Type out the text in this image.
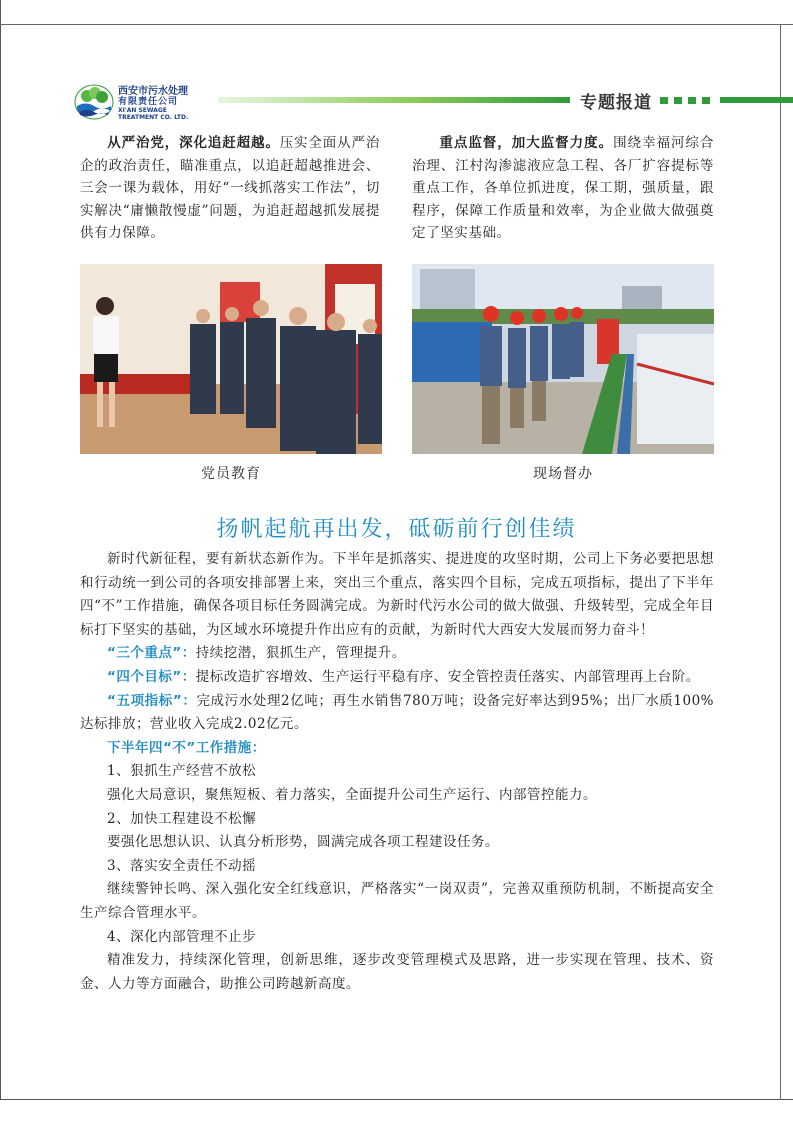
西安市污水处理
有限责任公司
XI'AN SEWAGE
TREATMENT CO. LTD.
专题报道
从严治党，深化追赶超越。压实全面从严治企的政治责任，瞄准重点，以追赶超越推进会、三会一课为载体，用好“一线抓落实工作法”，切实解决“庸懒散慢虚”问题，为追赶超越抓发展提供有力保障。
重点监督，加大监督力度。围绕幸福河综合治理、江村沟渗滤液应急工程、各厂扩容提标等重点工作，各单位抓进度，保工期，强质量，跟程序，保障工作质量和效率，为企业做大做强奠定了坚实基础。
党员教育	现场督办
扬帆起航再出发，砥砺前行创佳绩

新时代新征程，要有新状态新作为。下半年是抓落实、提进度的攻坚时期，公司上下务必要把思想和行动统一到公司的各项安排部署上来，突出三个重点，落实四个目标，完成五项指标，提出了下半年四“不”工作措施，确保各项目标任务圆满完成。为新时代污水公司的做大做强、升级转型，完成全年目标打下坚实的基础，为区域水环境提升作出应有的贡献，为新时代大西安大发展而努力奋斗！

“三个重点”：持续挖潜，狠抓生产，管理提升。

“四个目标”：提标改造扩容增效、生产运行平稳有序、安全管控责任落实、内部管理再上台阶。

“五项指标”：完成污水处理2亿吨；再生水销售780万吨；设备完好率达到95%；出厂水质100%达标排放；营业收入完成2.02亿元。

下半年四“不”工作措施：

1、狠抓生产经营不放松

强化大局意识，聚焦短板、着力落实，全面提升公司生产运行、内部管控能力。

2、加快工程建设不松懈

要强化思想认识、认真分析形势，圆满完成各项工程建设任务。

3、落实安全责任不动摇

继续警钟长鸣、深入强化安全红线意识，严格落实“一岗双责”，完善双重预防机制，不断提高安全生产综合管理水平。

4、深化内部管理不止步

精准发力，持续深化管理，创新思维，逐步改变管理模式及思路，进一步实现在管理、技术、资金、人力等方面融合，助推公司跨越新高度。
